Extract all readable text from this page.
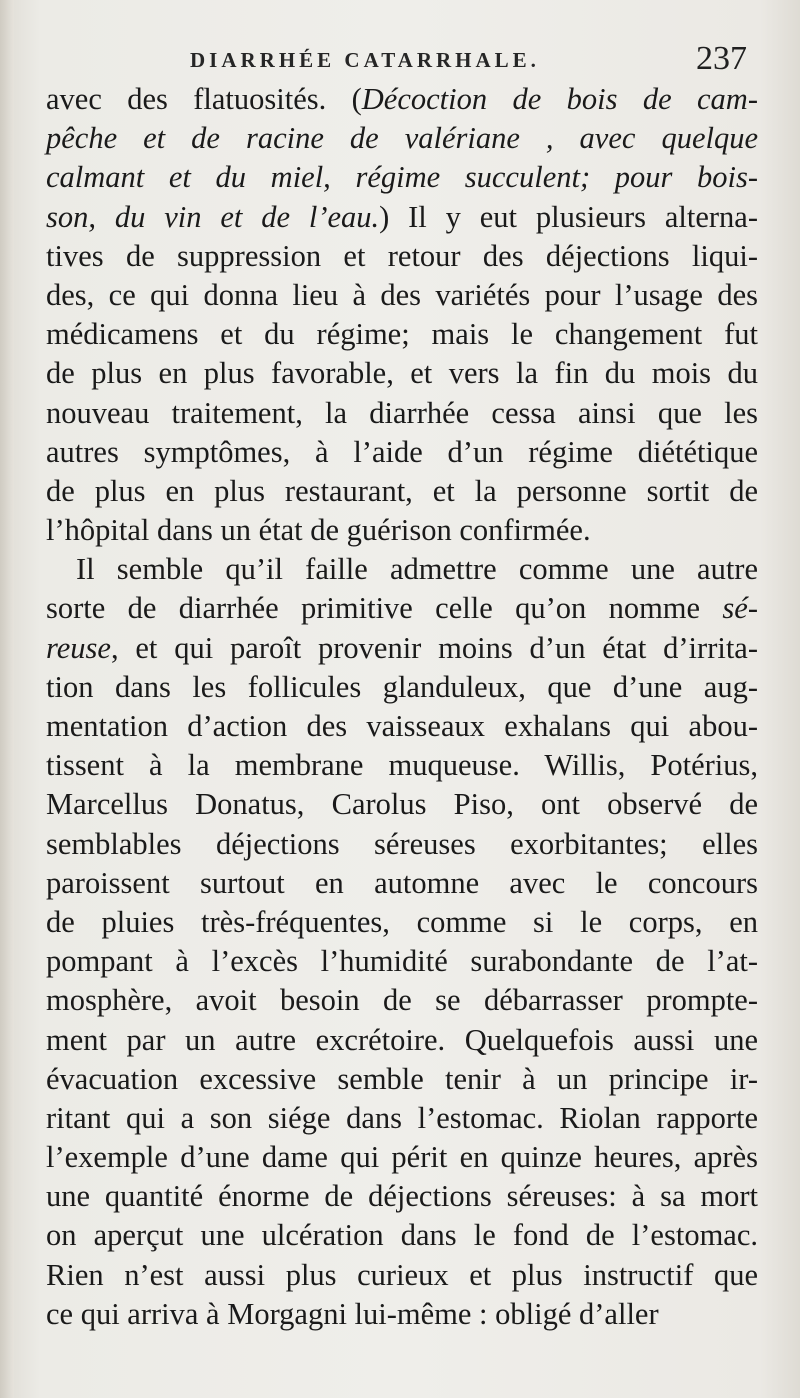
DIARRHÉE CATARRHALE.	237
avec des flatuosités. (Décoction de bois de cam-
pêche et de racine de valériane , avec quelque
calmant et du miel, régime succulent; pour bois-
son, du vin et de l’eau.) Il y eut plusieurs alterna-
tives de suppression et retour des déjections liqui-
des, ce qui donna lieu à des variétés pour l’usage des
médicamens et du régime; mais le changement fut
de plus en plus favorable, et vers la fin du mois du
nouveau traitement, la diarrhée cessa ainsi que les
autres symptômes, à l’aide d’un régime diététique
de plus en plus restaurant, et la personne sortit de
l’hôpital dans un état de guérison confirmée.
Il semble qu’il faille admettre comme une autre
sorte de diarrhée primitive celle qu’on nomme sé-
reuse, et qui paroît provenir moins d’un état d’irrita-
tion dans les follicules glanduleux, que d’une aug-
mentation d’action des vaisseaux exhalans qui abou-
tissent à la membrane muqueuse. Willis, Potérius,
Marcellus Donatus, Carolus Piso, ont observé de
semblables déjections séreuses exorbitantes; elles
paroissent surtout en automne avec le concours
de pluies très-fréquentes, comme si le corps, en
pompant à l’excès l’humidité surabondante de l’at-
mosphère, avoit besoin de se débarrasser prompte-
ment par un autre excrétoire. Quelquefois aussi une
évacuation excessive semble tenir à un principe ir-
ritant qui a son siége dans l’estomac. Riolan rapporte
l’exemple d’une dame qui périt en quinze heures, après
une quantité énorme de déjections séreuses: à sa mort
on aperçut une ulcération dans le fond de l’estomac.
Rien n’est aussi plus curieux et plus instructif que
ce qui arriva à Morgagni lui-même : obligé d’aller
